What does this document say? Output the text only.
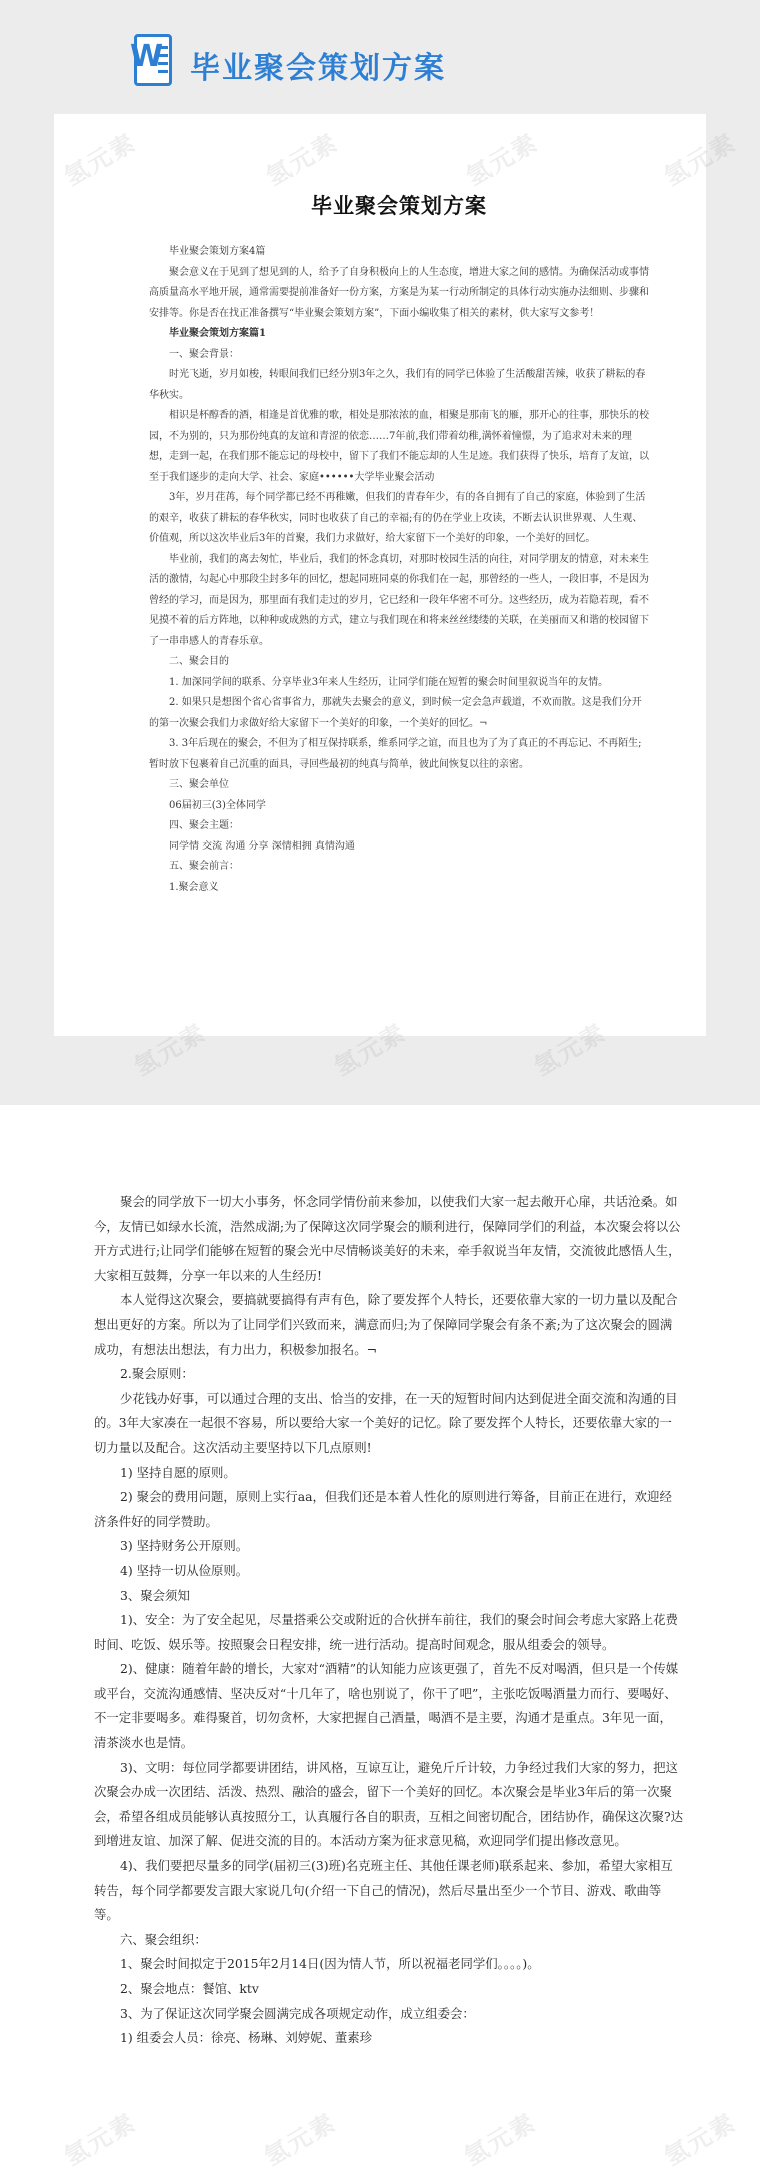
W 毕业聚会策划方案
毕业聚会策划方案

毕业聚会策划方案4篇

聚会意义在于见到了想见到的人，给予了自身积极向上的人生态度，增进大家之间的感情。为确保活动或事情高质量高水平地开展，通常需要提前准备好一份方案，方案是为某一行动所制定的具体行动实施办法细则、步骤和安排等。你是否在找正准备撰写“毕业聚会策划方案”，下面小编收集了相关的素材，供大家写文参考！

毕业聚会策划方案篇1

一、聚会背景：

时光飞逝，岁月如梭，转眼间我们已经分别3年之久，我们有的同学已体验了生活酸甜苦辣，收获了耕耘的春华秋实。

相识是杯醇香的酒，相逢是首优雅的歌，相处是那浓浓的血，相聚是那南飞的雁，那开心的往事，那快乐的校园，不为别的，只为那份纯真的友谊和青涩的依恋……7年前,我们带着幼稚,满怀着憧憬，为了追求对未来的理想，走到一起，在我们那不能忘记的母校中，留下了我们不能忘却的人生足迹。我们获得了快乐，培育了友谊，以至于我们逐步的走向大学、社会、家庭••••••大学毕业聚会活动

3年，岁月荏苒，每个同学都已经不再稚嫩，但我们的青春年少，有的各自拥有了自己的家庭，体验到了生活的艰辛，收获了耕耘的春华秋实，同时也收获了自己的幸福;有的仍在学业上攻读，不断去认识世界观、人生观、价值观，所以这次毕业后3年的首聚，我们力求做好，给大家留下一个美好的印象，一个美好的回忆。

毕业前，我们的离去匆忙，毕业后，我们的怀念真切，对那时校园生活的向往，对同学朋友的情意，对未来生活的激情，勾起心中那段尘封多年的回忆，想起同班同桌的你我们在一起，那曾经的一些人，一段旧事，不是因为曾经的学习，而是因为，那里面有我们走过的岁月，它已经和一段年华密不可分。这些经历，成为若隐若现，看不见摸不着的后方阵地，以种种或成熟的方式，建立与我们现在和将来丝丝缕缕的关联，在美丽而又和谐的校园留下了一串串感人的青春乐章。

二、聚会目的

1. 加深同学间的联系、分享毕业3年来人生经历，让同学们能在短暂的聚会时间里叙说当年的友情。

2. 如果只是想图个省心省事省力，那就失去聚会的意义，到时候一定会急声载道，不欢而散。这是我们分开的第一次聚会我们力求做好给大家留下一个美好的印象，一个美好的回忆。¬

3. 3年后现在的聚会，不但为了相互保持联系，维系同学之谊，而且也为了为了真正的不再忘记、不再陌生;暂时放下包裹着自己沉重的面具，寻回些最初的纯真与简单，彼此间恢复以往的亲密。

三、聚会单位

06届初三(3)全体同学

四、聚会主题：

同学情 交流 沟通 分享 深情相拥 真情沟通

五、聚会前言：

1.聚会意义

氢元素	氢元素	氢元素	氢元素
氢元素	氢元素	氢元素
氢元素	氢元素	氢元素	氢元素

聚会的同学放下一切大小事务，怀念同学情份前来参加，以使我们大家一起去敞开心扉，共话沧桑。如今，友情已如绿水长流，浩然成湖;为了保障这次同学聚会的顺利进行，保障同学们的利益，本次聚会将以公开方式进行;让同学们能够在短暂的聚会光中尽情畅谈美好的未来，牵手叙说当年友情，交流彼此感悟人生，大家相互鼓舞，分享一年以来的人生经历!

本人觉得这次聚会，要搞就要搞得有声有色，除了要发挥个人特长，还要依靠大家的一切力量以及配合想出更好的方案。所以为了让同学们兴致而来，满意而归;为了保障同学聚会有条不紊;为了这次聚会的圆满成功，有想法出想法，有力出力，积极参加报名。¬

2.聚会原则：

少花钱办好事，可以通过合理的支出、恰当的安排，在一天的短暂时间内达到促进全面交流和沟通的目的。3年大家凑在一起很不容易，所以要给大家一个美好的记忆。除了要发挥个人特长，还要依靠大家的一切力量以及配合。这次活动主要坚持以下几点原则!

1) 坚持自愿的原则。

2) 聚会的费用问题，原则上实行aa，但我们还是本着人性化的原则进行筹备，目前正在进行，欢迎经济条件好的同学赞助。

3) 坚持财务公开原则。

4) 坚持一切从俭原则。

3、聚会须知

1)、安全：为了安全起见，尽量搭乘公交或附近的合伙拼车前往，我们的聚会时间会考虑大家路上花费时间、吃饭、娱乐等。按照聚会日程安排，统一进行活动。提高时间观念，服从组委会的领导。

2)、健康：随着年龄的增长，大家对“酒精”的认知能力应该更强了，首先不反对喝酒，但只是一个传媒或平台，交流沟通感情、坚决反对“十几年了，啥也别说了，你干了吧”，主张吃饭喝酒量力而行、要喝好、不一定非要喝多。难得聚首，切勿贪杯，大家把握自己酒量，喝酒不是主要，沟通才是重点。3年见一面，清茶淡水也是情。

3)、文明：每位同学都要讲团结，讲风格，互谅互让，避免斤斤计较，力争经过我们大家的努力，把这次聚会办成一次团结、活泼、热烈、融洽的盛会，留下一个美好的回忆。本次聚会是毕业3年后的第一次聚会，希望各组成员能够认真按照分工，认真履行各自的职责，互相之间密切配合，团结协作，确保这次聚?达到增进友谊、加深了解、促进交流的目的。本活动方案为征求意见稿，欢迎同学们提出修改意见。

4)、我们要把尽量多的同学(届初三(3)班)名克班主任、其他任课老师)联系起来、参加，希望大家相互转告，每个同学都要发言跟大家说几句(介绍一下自己的情况)，然后尽量出至少一个节目、游戏、歌曲等等。

六、聚会组织：

1、聚会时间拟定于2015年2月14日(因为情人节，所以祝福老同学们。。。。)。

2、聚会地点：餐馆、ktv

3、为了保证这次同学聚会圆满完成各项规定动作，成立组委会：

1) 组委会人员：徐亮、杨琳、刘婷妮、董素珍
